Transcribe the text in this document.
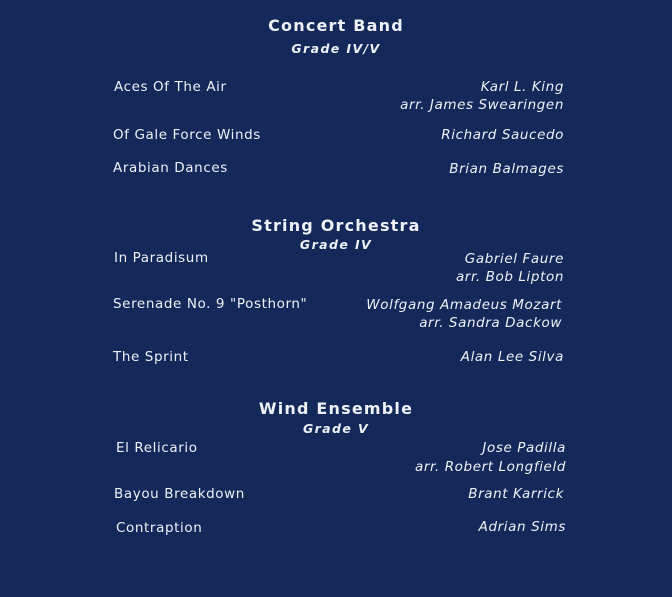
Concert Band
Grade IV/V
Aces Of The Air	Karl L. King
arr. James Swearingen
Of Gale Force Winds	Richard Saucedo
Arabian Dances	Brian Balmages
String Orchestra
Grade IV
In Paradisum	Gabriel Faure
arr. Bob Lipton
Serenade No. 9 "Posthorn"	Wolfgang Amadeus Mozart
arr. Sandra Dackow
The Sprint	Alan Lee Silva
Wind Ensemble
Grade V
El Relicario	Jose Padilla
arr. Robert Longfield
Bayou Breakdown	Brant Karrick
Contraption	Adrian Sims
